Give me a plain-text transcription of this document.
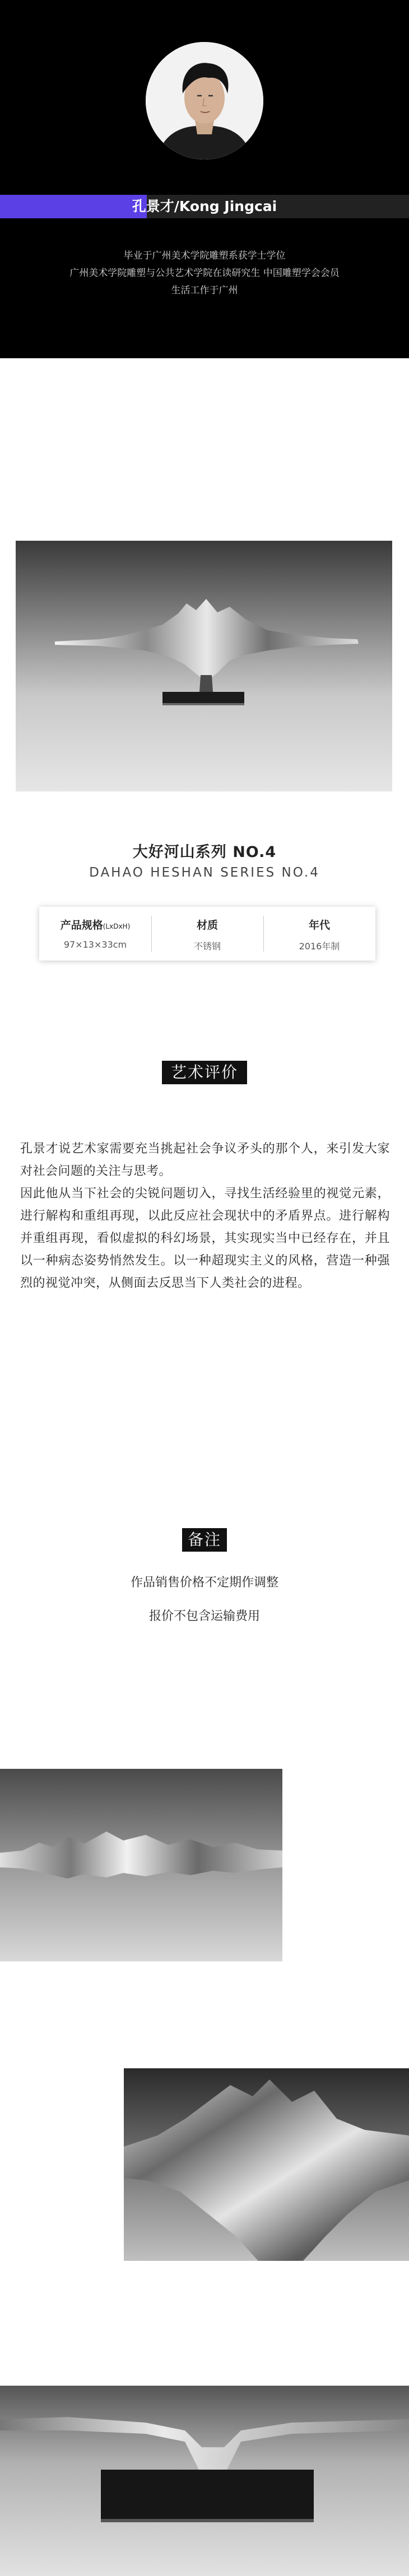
孔景才/Kong Jingcai
毕业于广州美术学院雕塑系获学士学位
广州美术学院雕塑与公共艺术学院在读研究生 中国雕塑学会会员
生活工作于广州
大好河山系列 NO.4
DAHAO HESHAN SERIES NO.4
产品规格(LxDxH)
97×13×33cm
材质
不锈钢
年代
2016年制
艺术评价

孔景才说艺术家需要充当挑起社会争议矛头的那个人，来引发大家对社会问题的关注与思考。

因此他从当下社会的尖锐问题切入，寻找生活经验里的视觉元素，进行解构和重组再现，以此反应社会现状中的矛盾界点。进行解构并重组再现，看似虚拟的科幻场景，其实现实当中已经存在，并且以一种病态姿势悄然发生。以一种超现实主义的风格，营造一种强烈的视觉冲突，从侧面去反思当下人类社会的进程。

备注
作品销售价格不定期作调整
报价不包含运输费用
